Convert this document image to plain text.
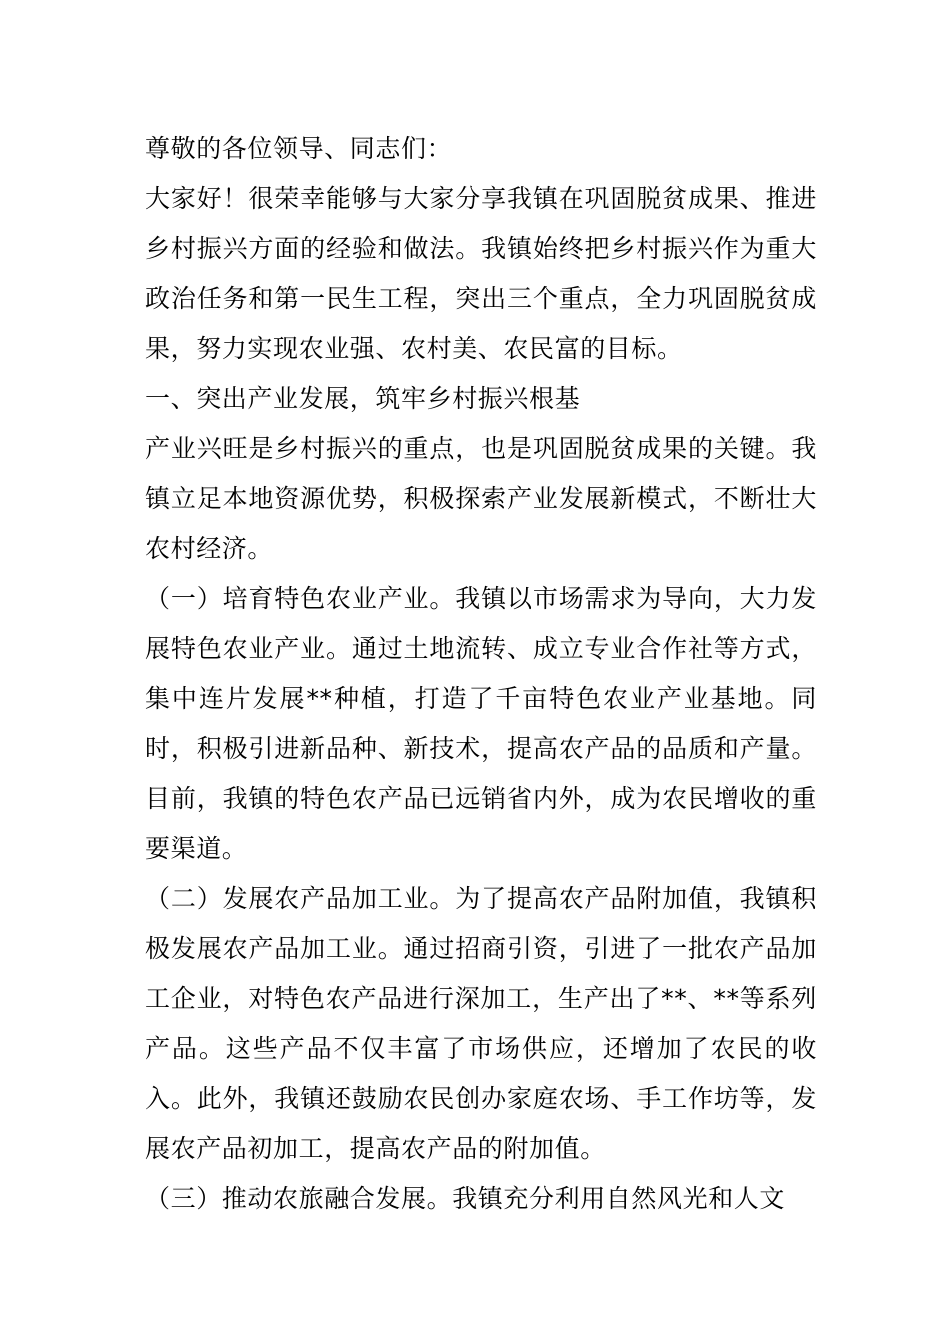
尊敬的各位领导、同志们：

大家好！很荣幸能够与大家分享我镇在巩固脱贫成果、推进乡村振兴方面的经验和做法。我镇始终把乡村振兴作为重大政治任务和第一民生工程，突出三个重点，全力巩固脱贫成果，努力实现农业强、农村美、农民富的目标。

一、突出产业发展，筑牢乡村振兴根基

产业兴旺是乡村振兴的重点，也是巩固脱贫成果的关键。我镇立足本地资源优势，积极探索产业发展新模式，不断壮大农村经济。

（一）培育特色农业产业。我镇以市场需求为导向，大力发展特色农业产业。通过土地流转、成立专业合作社等方式，集中连片发展**种植，打造了千亩特色农业产业基地。同时，积极引进新品种、新技术，提高农产品的品质和产量。目前，我镇的特色农产品已远销省内外，成为农民增收的重要渠道。

（二）发展农产品加工业。为了提高农产品附加值，我镇积极发展农产品加工业。通过招商引资，引进了一批农产品加工企业，对特色农产品进行深加工，生产出了**、**等系列产品。这些产品不仅丰富了市场供应，还增加了农民的收入。此外，我镇还鼓励农民创办家庭农场、手工作坊等，发展农产品初加工，提高农产品的附加值。

（三）推动农旅融合发展。我镇充分利用自然风光和人文
